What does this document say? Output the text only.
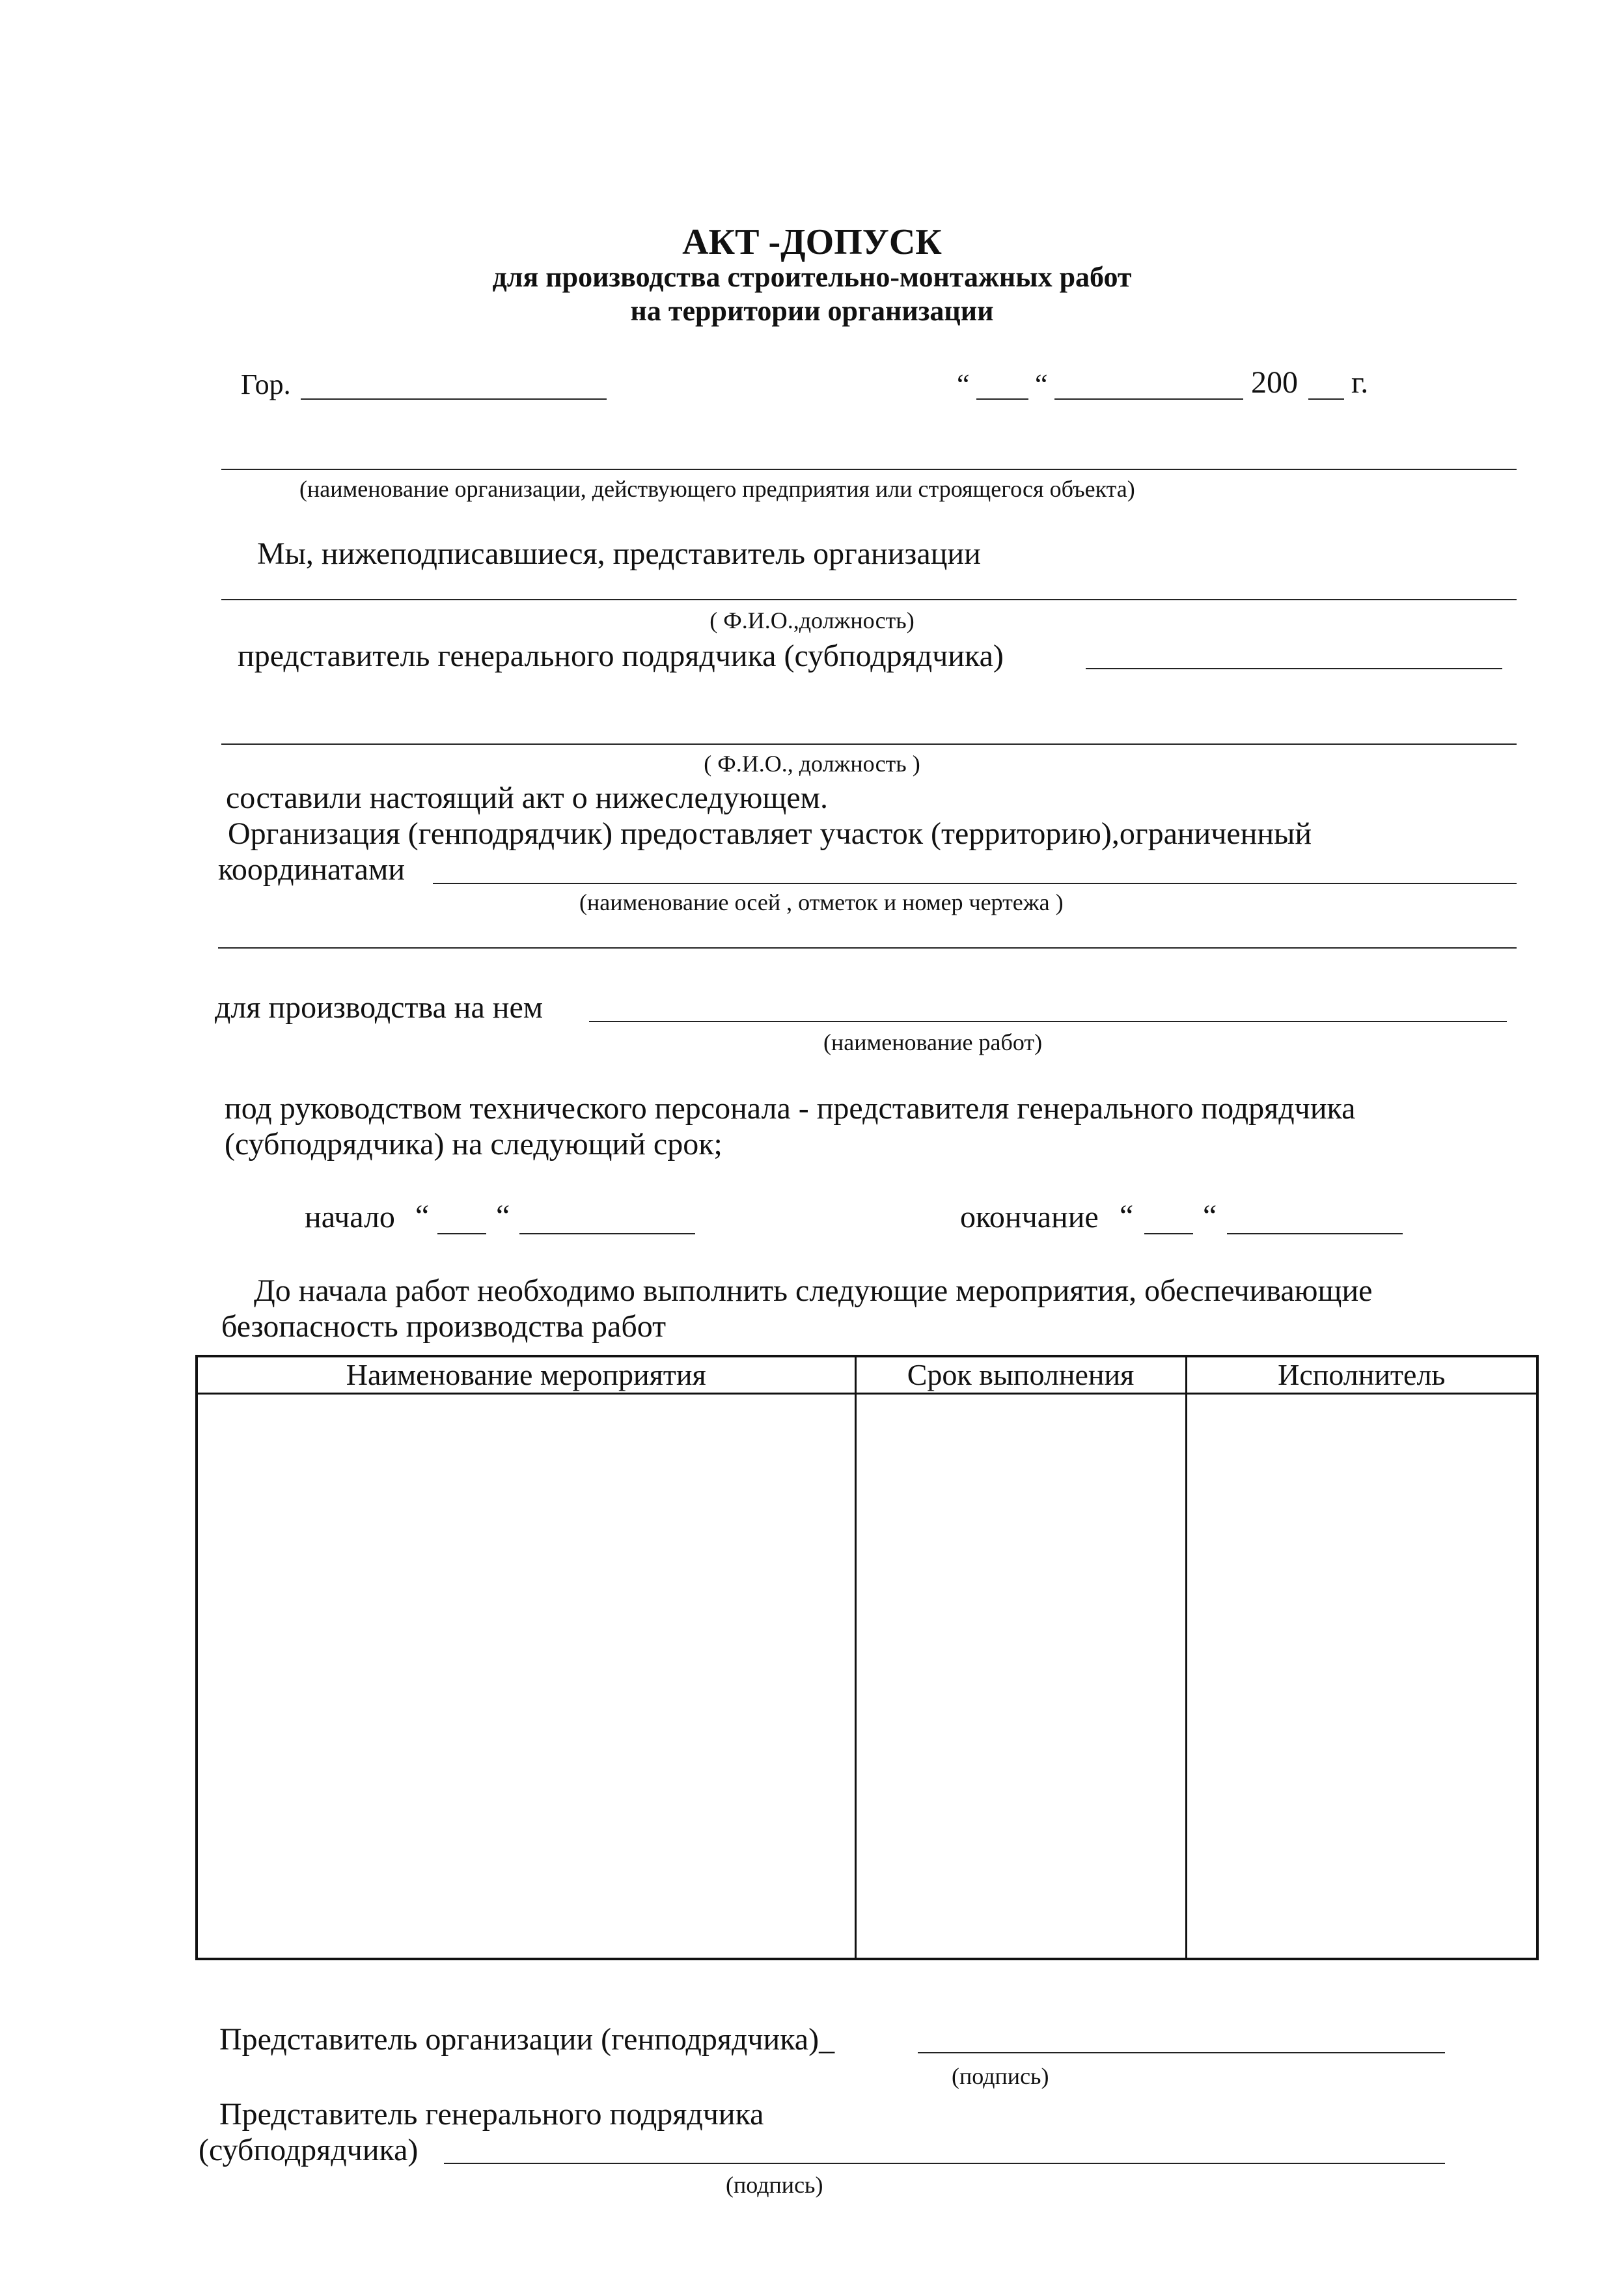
АКТ -ДОПУСК
для производства строительно-монтажных работ
на территории организации
Гор.	“ “	200 г.
(наименование организации, действующего предприятия или строящегося объекта)
Мы, нижеподписавшиеся, представитель организации
( Ф.И.О.,должность)
представитель генерального подрядчика (субподрядчика)
( Ф.И.О., должность )
составили настоящий акт о нижеследующем.
Организация (генподрядчик) предоставляет участок (территорию),ограниченный
координатами
(наименование осей , отметок и номер чертежа )
для производства на нем
(наименование работ)
под руководством технического персонала - представителя генерального подрядчика
(субподрядчика) на следующий срок;
начало “ “	окончание “ “
До начала работ необходимо выполнить следующие мероприятия, обеспечивающие
безопасность производства работ
Наименование мероприятия	Срок выполнения	Исполнитель

Представитель организации (генподрядчика)_
(подпись)
Представитель генерального подрядчика
(субподрядчика)
(подпись)
